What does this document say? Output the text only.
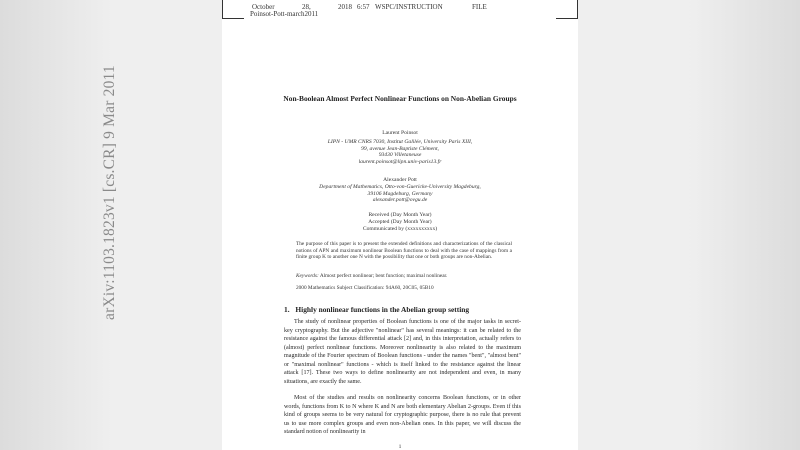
October	28,	2018 6:57 WSPC/INSTRUCTION	FILE
Poinsot-Pott-march2011
Non-Boolean Almost Perfect Nonlinear Functions on Non-Abelian Groups
Laurent Poinsot
LIPN - UMR CNRS 7030, Institut Galilée, University Paris XIII,
99, avenue Jean-Baptiste Clément,
93430 Villetaneuse
laurent.poinsot@lipn.univ-paris13.fr
Alexander Pott
Department of Mathematics, Otto-von-Guericke-University Magdeburg,
39106 Magdeburg, Germany
alexander.pott@ovgu.de
Received (Day Month Year)
Accepted (Day Month Year)
Communicated by (xxxxxxxxxx)
The purpose of this paper is to present the extended definitions and characterizations of the classical notions of APN and maximum nonlinear Boolean functions to deal with the case of mappings from a finite group K to another one N with the possibility that one or both groups are non-Abelian.
Keywords: Almost perfect nonlinear; bent function; maximal nonlinear.
2000 Mathematics Subject Classification: 94A60, 20C05, 05B10
1. Highly nonlinear functions in the Abelian group setting
The study of nonlinear properties of Boolean functions is one of the major tasks in secret-key cryptography. But the adjective "nonlinear" has several meanings: it can be related to the resistance against the famous differential attack [2] and, in this interpretation, actually refers to (almost) perfect nonlinear functions. Moreover nonlinearity is also related to the maximum magnitude of the Fourier spectrum of Boolean functions - under the names "bent", "almost bent" or "maximal nonlinear" functions - which is itself linked to the resistance against the linear attack [17]. These two ways to define nonlinearity are not independent and even, in many situations, are exactly the same.
Most of the studies and results on nonlinearity concerns Boolean functions, or in other words, functions from K to N where K and N are both elementary Abelian 2-groups. Even if this kind of groups seems to be very natural for cryptographic purpose, there is no rule that prevent us to use more complex groups and even non-Abelian ones. In this paper, we will discuss the standard notion of nonlinearity in
1
arXiv:1103.1823v1 [cs.CR] 9 Mar 2011
